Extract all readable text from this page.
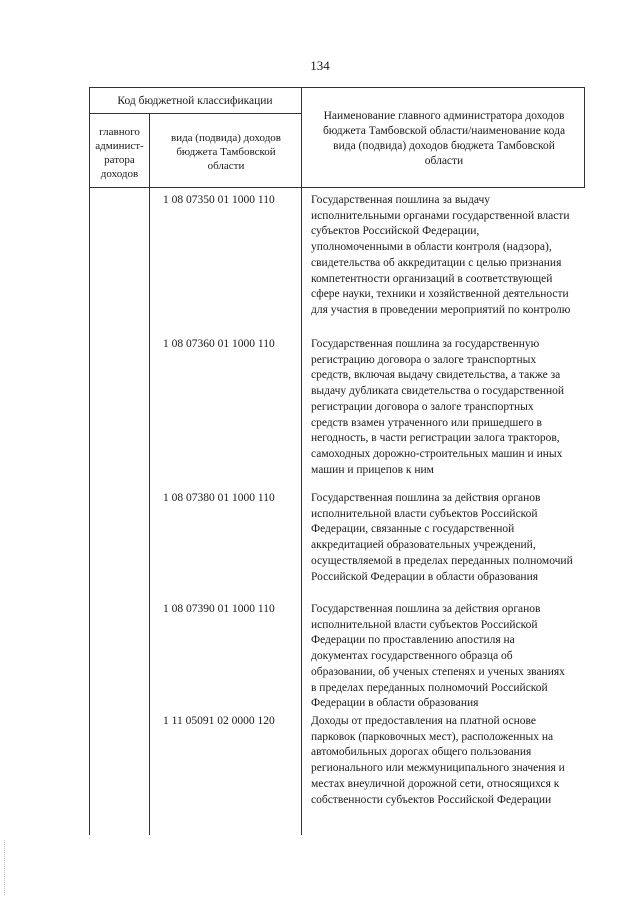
134
Код бюджетной классификации
главного админист-ратора доходов
вида (подвида) доходов бюджета Тамбовской области
Наименование главного администратора доходов бюджета Тамбовской области/наименование кода вида (подвида) доходов бюджета Тамбовской области
1 08 07350 01 1000 110	Государственная пошлина за выдачу исполнительными органами государственной власти субъектов Российской Федерации, уполномоченными в области контроля (надзора), свидетельства об аккредитации с целью признания компетентности организаций в соответствующей сфере науки, техники и хозяйственной деятельности для участия в проведении мероприятий по контролю
1 08 07360 01 1000 110	Государственная пошлина за государственную регистрацию договора о залоге транспортных средств, включая выдачу свидетельства, а также за выдачу дубликата свидетельства о государственной регистрации договора о залоге транспортных средств взамен утраченного или пришедшего в негодность, в части регистрации залога тракторов, самоходных дорожно-строительных машин и иных машин и прицепов к ним
1 08 07380 01 1000 110	Государственная пошлина за действия органов исполнительной власти субъектов Российской Федерации, связанные с государственной аккредитацией образовательных учреждений, осуществляемой в пределах переданных полномочий Российской Федерации в области образования
1 08 07390 01 1000 110	Государственная пошлина за действия органов исполнительной власти субъектов Российской Федерации по проставлению апостиля на документах государственного образца об образовании, об ученых степенях и ученых званиях в пределах переданных полномочий Российской Федерации в области образования
1 11 05091 02 0000 120	Доходы от предоставления на платной основе парковок (парковочных мест), расположенных на автомобильных дорогах общего пользования регионального или межмуниципального значения и местах внеуличной дорожной сети, относящихся к собственности субъектов Российской Федерации
